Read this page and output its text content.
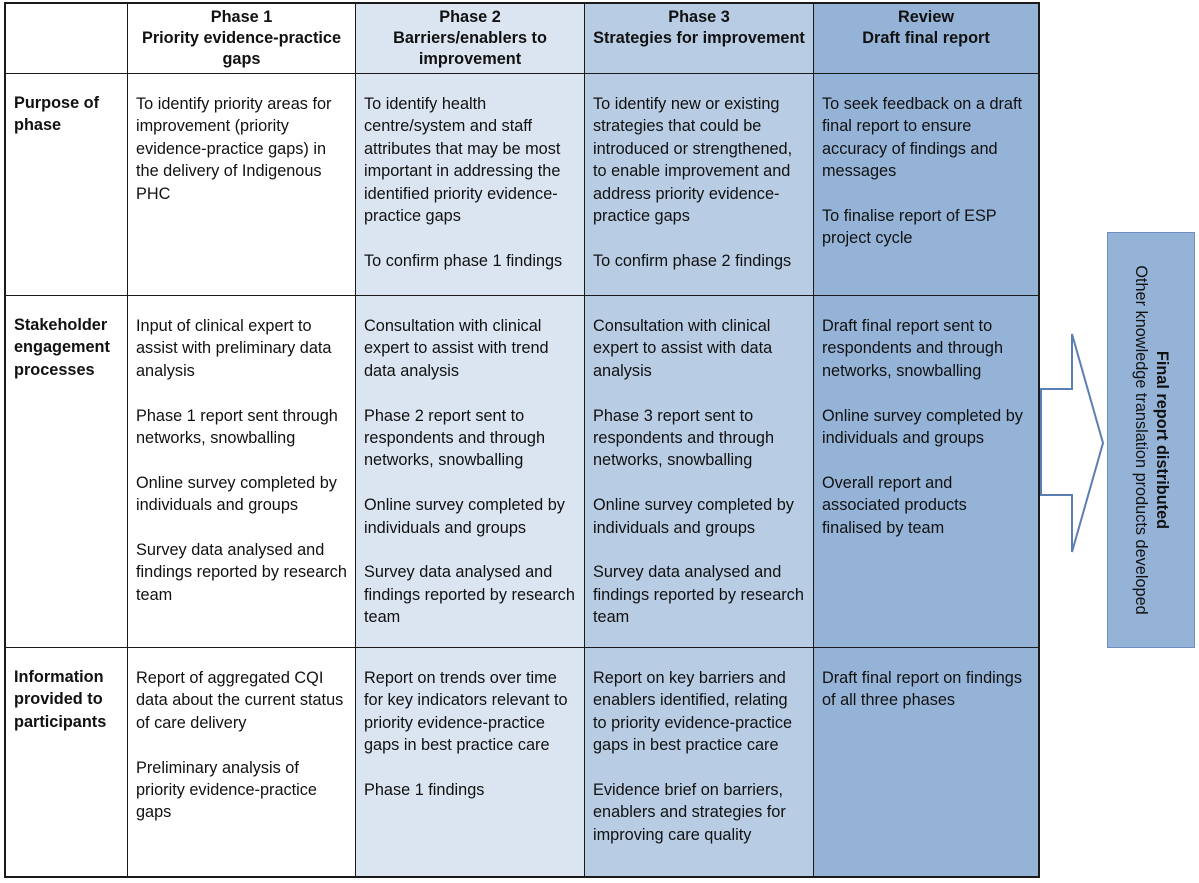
Phase 1
Priority evidence-practice gaps
Phase 2
Barriers/enablers to improvement
Phase 3
Strategies for improvement
Review
Draft final report
Purpose of phase

To identify priority areas for improvement (priority evidence-practice gaps) in the delivery of Indigenous PHC

To identify health centre/system and staff attributes that may be most important in addressing the identified priority evidence-practice gaps

To confirm phase 1 findings

To identify new or existing strategies that could be introduced or strengthened, to enable improvement and address priority evidence-practice gaps

To confirm phase 2 findings

To seek feedback on a draft final report to ensure accuracy of findings and messages

To finalise report of ESP project cycle

Stakeholder engagement processes

Input of clinical expert to assist with preliminary data analysis

Phase 1 report sent through networks, snowballing

Online survey completed by individuals and groups

Survey data analysed and findings reported by research team

Consultation with clinical expert to assist with trend data analysis

Phase 2 report sent to respondents and through networks, snowballing

Online survey completed by individuals and groups

Survey data analysed and findings reported by research team

Consultation with clinical expert to assist with data analysis

Phase 3 report sent to respondents and through networks, snowballing

Online survey completed by individuals and groups

Survey data analysed and findings reported by research team

Draft final report sent to respondents and through networks, snowballing

Online survey completed by individuals and groups

Overall report and associated products finalised by team

Information provided to participants

Report of aggregated CQI data about the current status of care delivery

Preliminary analysis of priority evidence-practice gaps

Report on trends over time for key indicators relevant to priority evidence-practice gaps in best practice care

Phase 1 findings

Report on key barriers and enablers identified, relating to priority evidence-practice gaps in best practice care

Evidence brief on barriers, enablers and strategies for improving care quality

Draft final report on findings of all three phases

Final report distributed
Other knowledge translation products developed
